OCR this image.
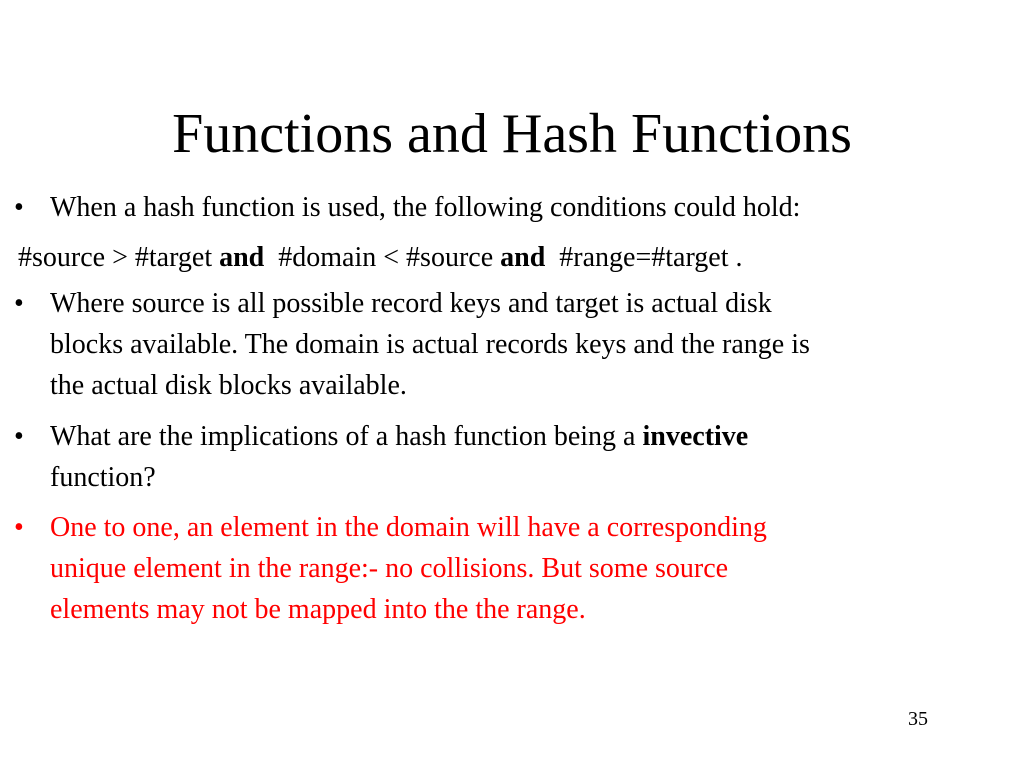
Functions and Hash Functions
• When a hash function is used, the following conditions could hold:
#source > #target and  #domain < #source and  #range=#target .
• Where source is all possible record keys and target is actual disk
blocks available. The domain is actual records keys and the range is
the actual disk blocks available.
• What are the implications of a hash function being a invective
function?
• One to one, an element in the domain will have a corresponding
unique element in the range:- no collisions. But some source
elements may not be mapped into the the range.
35
